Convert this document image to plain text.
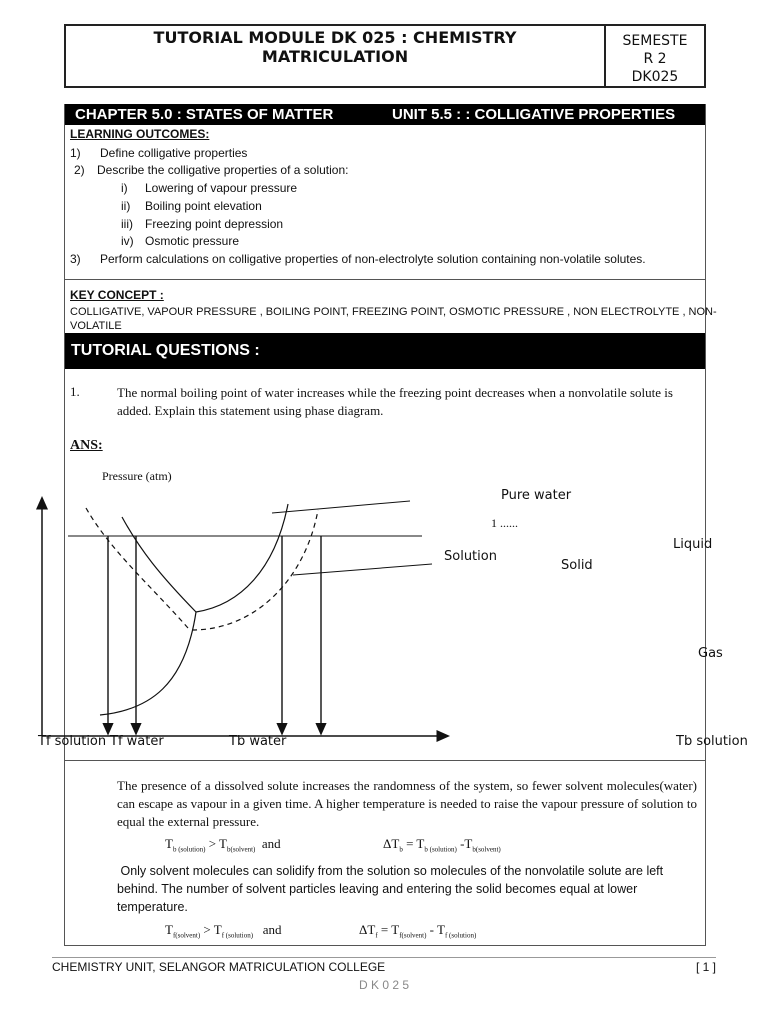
TUTORIAL MODULE DK 025 : CHEMISTRY
MATRICULATION
SEMESTE
R 2
DK025
CHAPTER 5.0 : STATES OF MATTER	UNIT 5.5 : : COLLIGATIVE PROPERTIES
LEARNING OUTCOMES:
1) Define colligative properties
2) Describe the colligative properties of a solution:
i) Lowering of vapour pressure
ii) Boiling point elevation
iii) Freezing point depression
iv) Osmotic pressure
3) Perform calculations on colligative properties of non-electrolyte solution containing non-volatile solutes.
KEY CONCEPT :
COLLIGATIVE, VAPOUR PRESSURE , BOILING POINT, FREEZING POINT, OSMOTIC PRESSURE , NON ELECTROLYTE , NON-
VOLATILE
TUTORIAL QUESTIONS :
1.	The normal boiling point of water increases while the freezing point decreases when a nonvolatile solute is added. Explain this statement using phase diagram.
ANS:
Pressure (atm)
Pure water
1 ......
Solution
Solid
Liquid
Gas
Tf solution Tf water	Tb water	Tb solution
The presence of a dissolved solute increases the randomness of the system, so fewer solvent molecules(water) can escape as vapour in a given time. A higher temperature is needed to raise the vapour pressure of solution to equal the external pressure.
$T_{b (solution)} > T_{b(solvent)}$ and	$\Delta T_b = T_{b (solution)}$ $-T_{b(solvent)}$
Only solvent molecules can solidify from the solution so molecules of the nonvolatile solute are left behind. The number of solvent particles leaving and entering the solid becomes equal at lower temperature.
$T_{f(solvent)} > T_{f (solution)}$ and	$\Delta T_f = T_{f(solvent)} - T_{f (solution)}$
CHEMISTRY UNIT, SELANGOR MATRICULATION COLLEGE	[ 1 ]
D K 0 2 5
